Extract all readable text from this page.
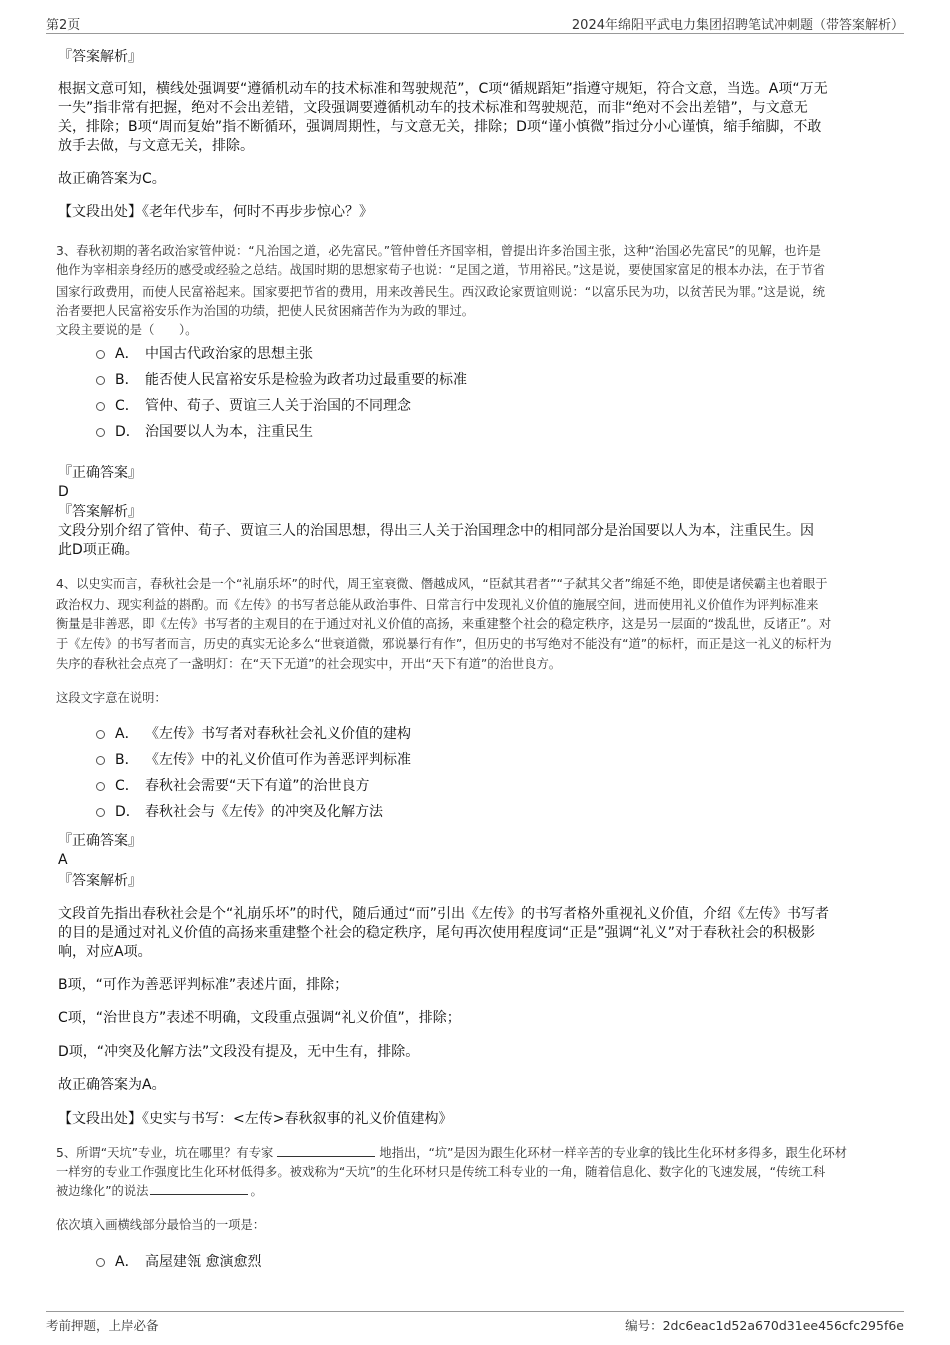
第2页	2024年绵阳平武电力集团招聘笔试冲刺题（带答案解析）
『答案解析』
根据文意可知，横线处强调要“遵循机动车的技术标准和驾驶规范”，C项“循规蹈矩”指遵守规矩，符合文意，当选。A项“万无
一失”指非常有把握，绝对不会出差错，文段强调要遵循机动车的技术标准和驾驶规范，而非“绝对不会出差错”，与文意无
关，排除；B项“周而复始”指不断循环，强调周期性，与文意无关，排除；D项“谨小慎微”指过分小心谨慎，缩手缩脚，不敢
放手去做，与文意无关，排除。
故正确答案为C。
【文段出处】《老年代步车，何时不再步步惊心？》
3、春秋初期的著名政治家管仲说：“凡治国之道，必先富民。”管仲曾任齐国宰相，曾提出许多治国主张，这种“治国必先富民”的见解，也许是
他作为宰相亲身经历的感受或经验之总结。战国时期的思想家荀子也说：“足国之道，节用裕民。”这是说，要使国家富足的根本办法，在于节省
国家行政费用，而使人民富裕起来。国家要把节省的费用，用来改善民生。西汉政论家贾谊则说：“以富乐民为功，以贫苦民为罪。”这是说，统
治者要把人民富裕安乐作为治国的功绩，把使人民贫困痛苦作为为政的罪过。
文段主要说的是（　　）。
A． 中国古代政治家的思想主张
B． 能否使人民富裕安乐是检验为政者功过最重要的标准
C． 管仲、荀子、贾谊三人关于治国的不同理念
D． 治国要以人为本，注重民生
『正确答案』
D
『答案解析』
文段分别介绍了管仲、荀子、贾谊三人的治国思想，得出三人关于治国理念中的相同部分是治国要以人为本，注重民生。因
此D项正确。
4、以史实而言，春秋社会是一个“礼崩乐坏”的时代，周王室衰微、僭越成风，“臣弑其君者”“子弑其父者”绵延不绝，即使是诸侯霸主也着眼于
政治权力、现实利益的斟酌。而《左传》的书写者总能从政治事件、日常言行中发现礼义价值的施展空间，进而使用礼义价值作为评判标准来
衡量是非善恶，即《左传》书写者的主观目的在于通过对礼义价值的高扬，来重建整个社会的稳定秩序，这是另一层面的“拨乱世，反诸正”。对
于《左传》的书写者而言，历史的真实无论多么“世衰道微，邪说暴行有作”，但历史的书写绝对不能没有“道”的标杆，而正是这一礼义的标杆为
失序的春秋社会点亮了一盏明灯：在“天下无道”的社会现实中，开出“天下有道”的治世良方。
这段文字意在说明：
A． 《左传》书写者对春秋社会礼义价值的建构
B． 《左传》中的礼义价值可作为善恶评判标准
C． 春秋社会需要“天下有道”的治世良方
D． 春秋社会与《左传》的冲突及化解方法
『正确答案』
A
『答案解析』
文段首先指出春秋社会是个“礼崩乐坏”的时代，随后通过“而”引出《左传》的书写者格外重视礼义价值，介绍《左传》书写者
的目的是通过对礼义价值的高扬来重建整个社会的稳定秩序，尾句再次使用程度词“正是”强调“礼义”对于春秋社会的积极影
响，对应A项。
B项，“可作为善恶评判标准”表述片面，排除；
C项，“治世良方”表述不明确，文段重点强调“礼义价值”，排除；
D项，“冲突及化解方法”文段没有提及，无中生有，排除。
故正确答案为A。
【文段出处】《史实与书写：<左传>春秋叙事的礼义价值建构》
5、所谓“天坑”专业，坑在哪里？有专家	地指出，“坑”是因为跟生化环材一样辛苦的专业拿的钱比生化环材多得多，跟生化环材
一样穷的专业工作强度比生化环材低得多。被戏称为“天坑”的生化环材只是传统工科专业的一角，随着信息化、数字化的飞速发展，“传统工科
被边缘化”的说法	。
依次填入画横线部分最恰当的一项是：
A． 高屋建瓴 愈演愈烈
考前押题，上岸必备	编号：2dc6eac1d52a670d31ee456cfc295f6e
